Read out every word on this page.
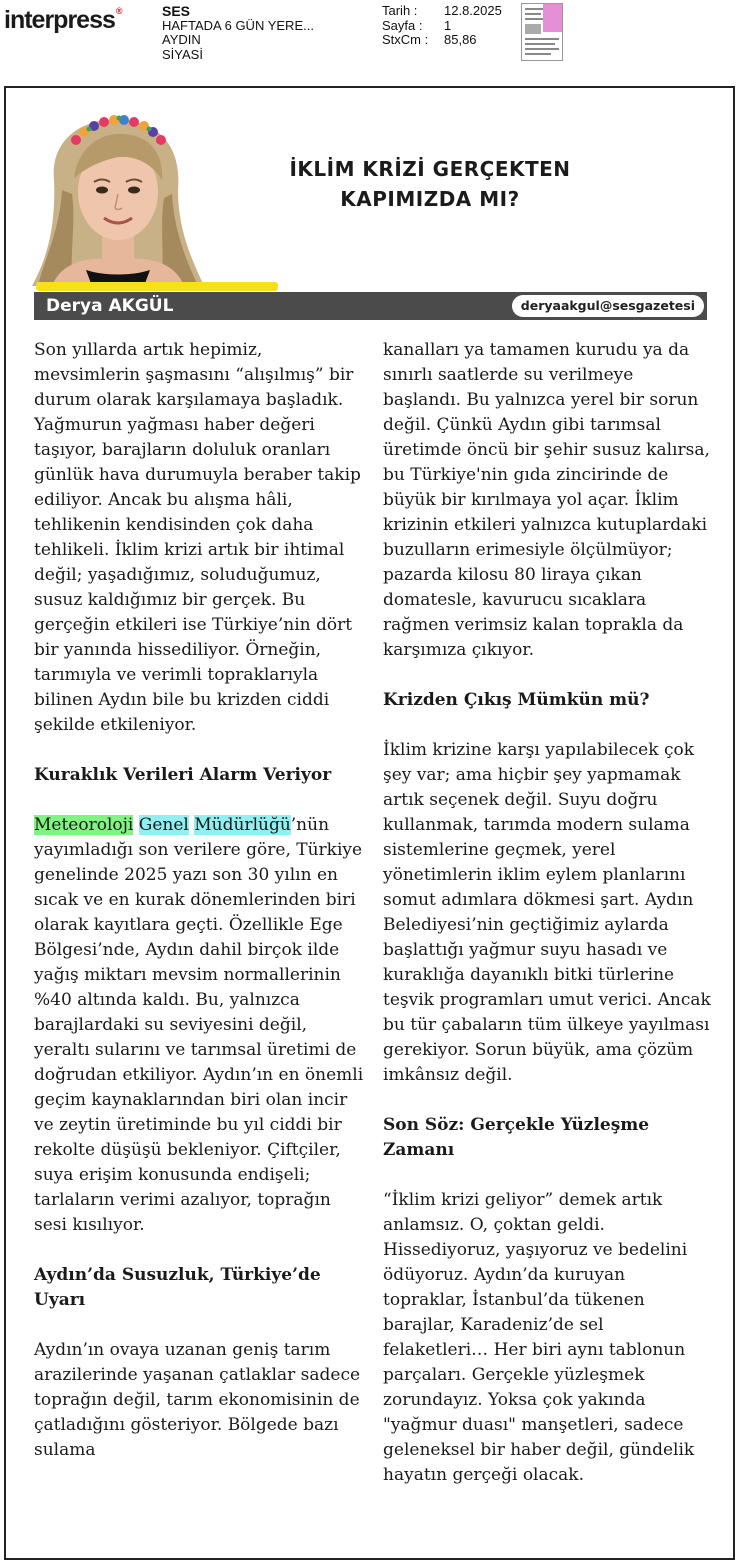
interpress®	SES
HAFTADA 6 GÜN YERE...
AYDIN
SİYASİ
Tarih :	12.8.2025
Sayfa :	1
StxCm :	85,86
İKLİM KRİZİ GERÇEKTEN
KAPIMIZDA MI?
Derya AKGÜL	deryaakgul@sesgazetesi
Son yıllarda artık hepimiz, mevsimlerin şaşmasını “alışılmış” bir durum olarak karşılamaya başladık. Yağmurun yağması haber değeri taşıyor, barajların doluluk oranları günlük hava durumuyla beraber takip ediliyor. Ancak bu alışma hâli, tehlikenin kendisinden çok daha tehlikeli. İklim krizi artık bir ihtimal değil; yaşadığımız, soluduğumuz, susuz kaldığımız bir gerçek. Bu gerçeğin etkileri ise Türkiye’nin dört bir yanında hissediliyor. Örneğin, tarımıyla ve verimli topraklarıyla bilinen Aydın bile bu krizden ciddi şekilde etkileniyor.
Kuraklık Verileri Alarm Veriyor
Meteoroloji Genel Müdürlüğü’nün yayımladığı son verilere göre, Türkiye genelinde 2025 yazı son 30 yılın en sıcak ve en kurak dönemlerinden biri olarak kayıtlara geçti. Özellikle Ege Bölgesi’nde, Aydın dahil birçok ilde yağış miktarı mevsim normallerinin %40 altında kaldı. Bu, yalnızca barajlardaki su seviyesini değil, yeraltı sularını ve tarımsal üretimi de doğrudan etkiliyor. Aydın’ın en önemli geçim kaynaklarından biri olan incir ve zeytin üretiminde bu yıl ciddi bir rekolte düşüşü bekleniyor. Çiftçiler, suya erişim konusunda endişeli; tarlaların verimi azalıyor, toprağın sesi kısılıyor.
Aydın’da Susuzluk, Türkiye’de Uyarı
Aydın’ın ovaya uzanan geniş tarım arazilerinde yaşanan çatlaklar sadece toprağın değil, tarım ekonomisinin de çatladığını gösteriyor. Bölgede bazı sulama
kanalları ya tamamen kurudu ya da sınırlı saatlerde su verilmeye başlandı. Bu yalnızca yerel bir sorun değil. Çünkü Aydın gibi tarımsal üretimde öncü bir şehir susuz kalırsa, bu Türkiye'nin gıda zincirinde de büyük bir kırılmaya yol açar. İklim krizinin etkileri yalnızca kutuplardaki buzulların erimesiyle ölçülmüyor; pazarda kilosu 80 liraya çıkan domatesle, kavurucu sıcaklara rağmen verimsiz kalan toprakla da karşımıza çıkıyor.
Krizden Çıkış Mümkün mü?
İklim krizine karşı yapılabilecek çok şey var; ama hiçbir şey yapmamak artık seçenek değil. Suyu doğru kullanmak, tarımda modern sulama sistemlerine geçmek, yerel yönetimlerin iklim eylem planlarını somut adımlara dökmesi şart. Aydın Belediyesi’nin geçtiğimiz aylarda başlattığı yağmur suyu hasadı ve kuraklığa dayanıklı bitki türlerine teşvik programları umut verici. Ancak bu tür çabaların tüm ülkeye yayılması gerekiyor. Sorun büyük, ama çözüm imkânsız değil.
Son Söz: Gerçekle Yüzleşme Zamanı
“İklim krizi geliyor” demek artık anlamsız. O, çoktan geldi. Hissediyoruz, yaşıyoruz ve bedelini ödüyoruz. Aydın’da kuruyan topraklar, İstanbul’da tükenen barajlar, Karadeniz’de sel felaketleri… Her biri aynı tablonun parçaları. Gerçekle yüzleşmek zorundayız. Yoksa çok yakında "yağmur duası" manşetleri, sadece geleneksel bir haber değil, gündelik hayatın gerçeği olacak.
